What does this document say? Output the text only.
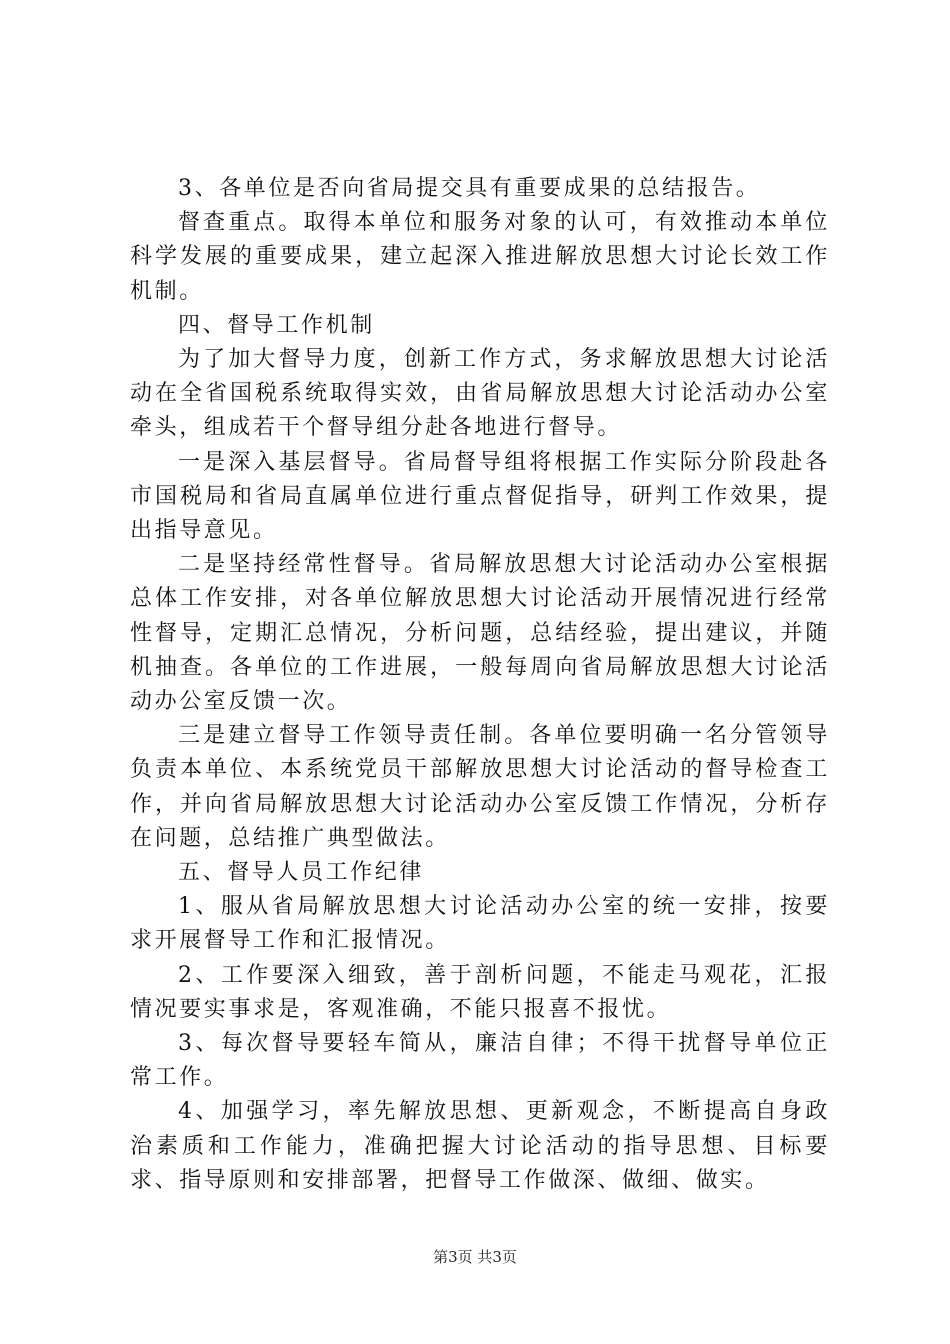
3、各单位是否向省局提交具有重要成果的总结报告。

督查重点。取得本单位和服务对象的认可，有效推动本单位科学发展的重要成果，建立起深入推进解放思想大讨论长效工作机制。

四、督导工作机制

为了加大督导力度，创新工作方式，务求解放思想大讨论活动在全省国税系统取得实效，由省局解放思想大讨论活动办公室牵头，组成若干个督导组分赴各地进行督导。

一是深入基层督导。省局督导组将根据工作实际分阶段赴各市国税局和省局直属单位进行重点督促指导，研判工作效果，提出指导意见。

二是坚持经常性督导。省局解放思想大讨论活动办公室根据总体工作安排，对各单位解放思想大讨论活动开展情况进行经常性督导，定期汇总情况，分析问题，总结经验，提出建议，并随机抽查。各单位的工作进展，一般每周向省局解放思想大讨论活动办公室反馈一次。

三是建立督导工作领导责任制。各单位要明确一名分管领导负责本单位、本系统党员干部解放思想大讨论活动的督导检查工作，并向省局解放思想大讨论活动办公室反馈工作情况，分析存在问题，总结推广典型做法。

五、督导人员工作纪律

1、服从省局解放思想大讨论活动办公室的统一安排，按要求开展督导工作和汇报情况。

2、工作要深入细致，善于剖析问题，不能走马观花，汇报情况要实事求是，客观准确，不能只报喜不报忧。

3、每次督导要轻车简从，廉洁自律；不得干扰督导单位正常工作。

4、加强学习，率先解放思想、更新观念，不断提高自身政治素质和工作能力，准确把握大讨论活动的指导思想、目标要求、指导原则和安排部署，把督导工作做深、做细、做实。

第3页 共3页
